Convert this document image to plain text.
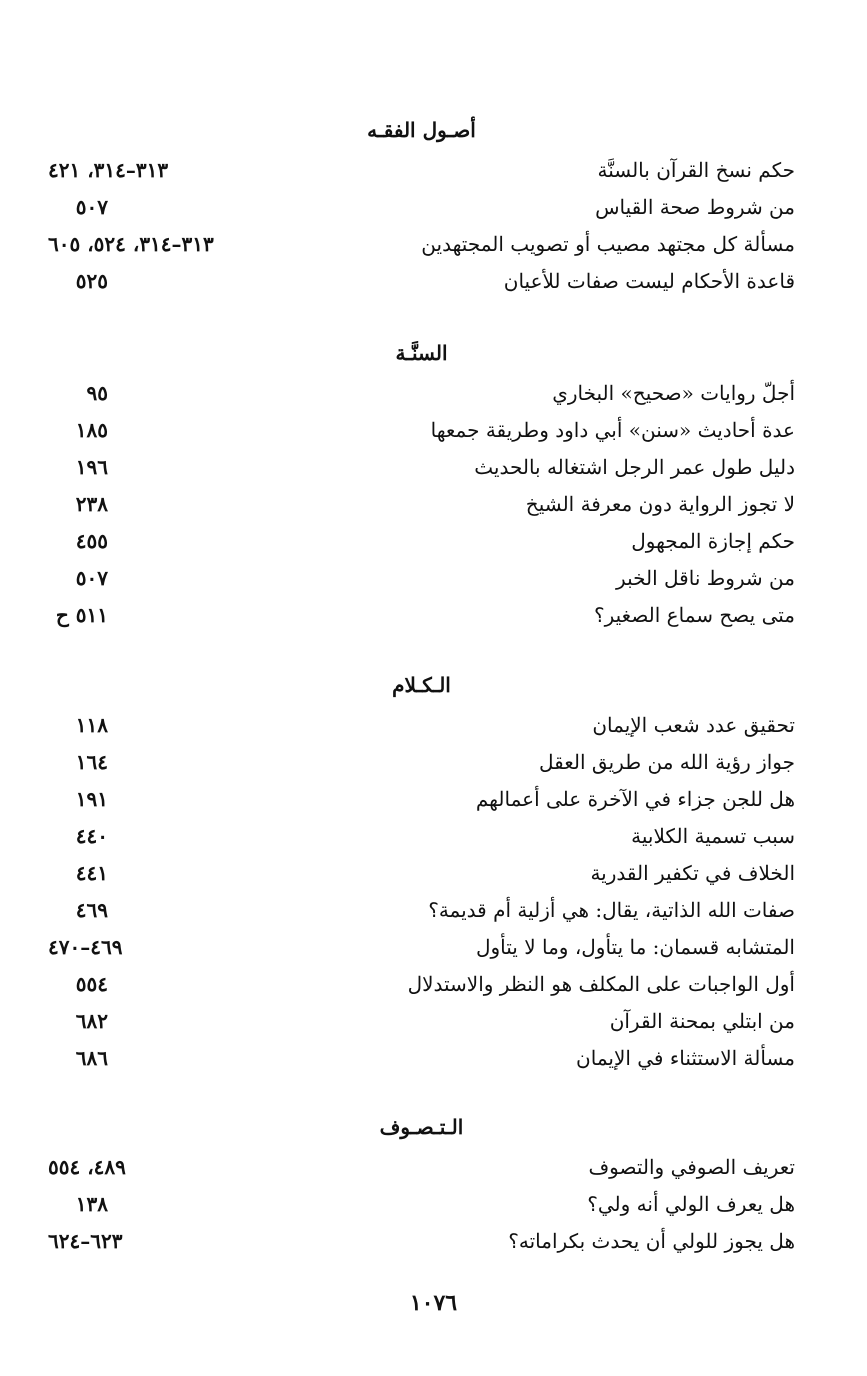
أصـول الفقـه
حكم نسخ القرآن بالسنَّة
٣١٣–٣١٤، ٤٢١
من شروط صحة القياس
٥٠٧
مسألة كل مجتهد مصيب أو تصويب المجتهدين
٣١٣–٣١٤، ٥٢٤، ٦٠٥
قاعدة الأحكام ليست صفات للأعيان
٥٢٥
السنَّـة
أجلّ روايات «صحيح» البخاري
٩٥
عدة أحاديث «سنن» أبي داود وطريقة جمعها
١٨٥
دليل طول عمر الرجل اشتغاله بالحديث
١٩٦
لا تجوز الرواية دون معرفة الشيخ
٢٣٨
حكم إجازة المجهول
٤٥٥
من شروط ناقل الخبر
٥٠٧
متى يصح سماع الصغير؟
٥١١ ح
الـكـلام
تحقيق عدد شعب الإيمان
١١٨
جواز رؤية الله من طريق العقل
١٦٤
هل للجن جزاء في الآخرة على أعمالهم
١٩١
سبب تسمية الكلابية
٤٤٠
الخلاف في تكفير القدرية
٤٤١
صفات الله الذاتية، يقال: هي أزلية أم قديمة؟
٤٦٩
المتشابه قسمان: ما يتأول، وما لا يتأول
٤٦٩–٤٧٠
أول الواجبات على المكلف هو النظر والاستدلال
٥٥٤
من ابتلي بمحنة القرآن
٦٨٢
مسألة الاستثناء في الإيمان
٦٨٦
الـتـصـوف
تعريف الصوفي والتصوف
٤٨٩، ٥٥٤
هل يعرف الولي أنه ولي؟
١٣٨
هل يجوز للولي أن يحدث بكراماته؟
٦٢٣–٦٢٤
١٠٧٦
